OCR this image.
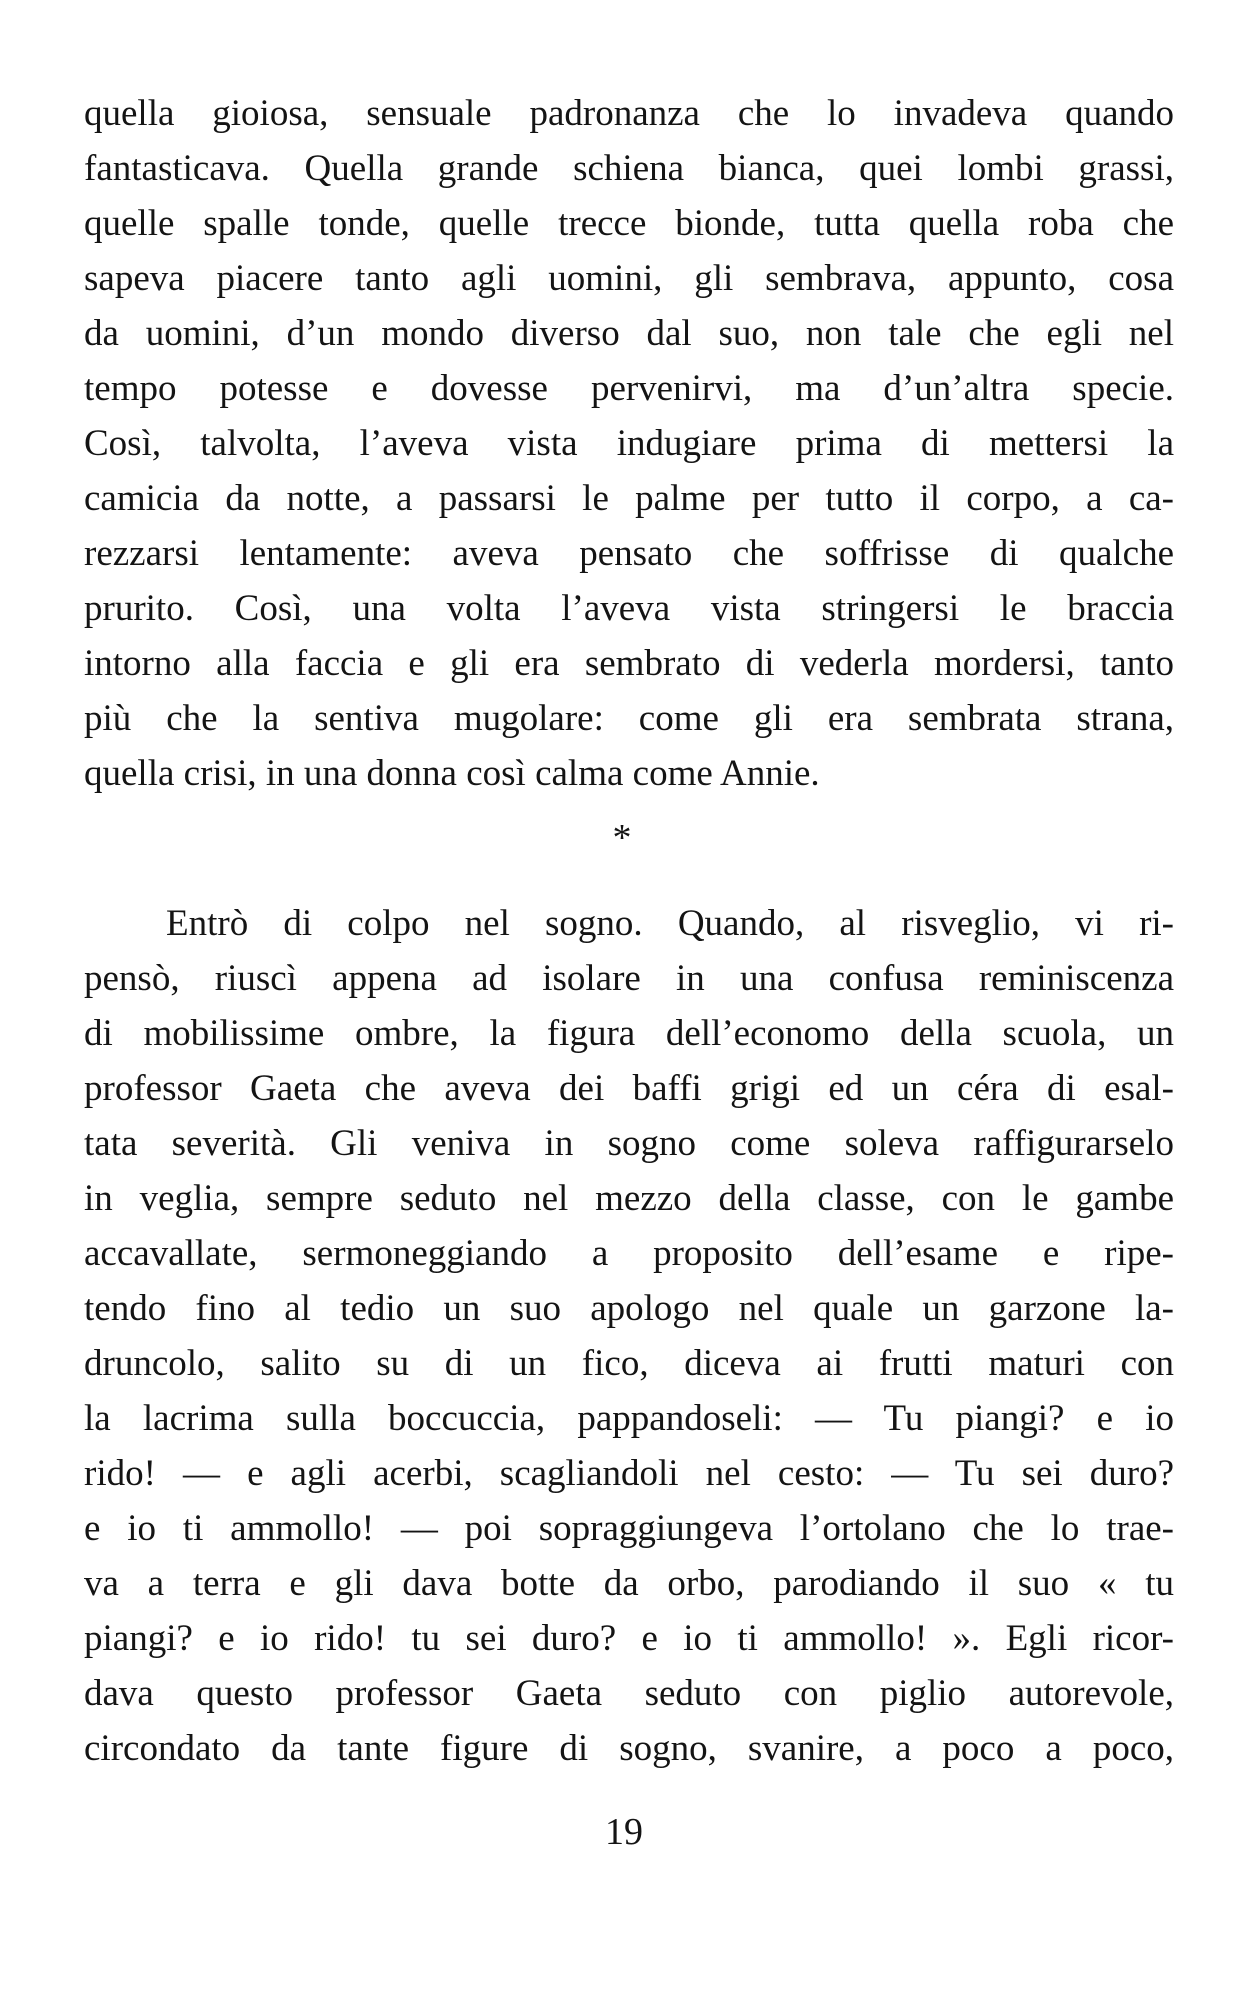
quella gioiosa, sensuale padronanza che lo invadeva quando
fantasticava. Quella grande schiena bianca, quei lombi grassi,
quelle spalle tonde, quelle trecce bionde, tutta quella roba che
sapeva piacere tanto agli uomini, gli sembrava, appunto, cosa
da uomini, d’un mondo diverso dal suo, non tale che egli nel
tempo potesse e dovesse pervenirvi, ma d’un’altra specie.
Così, talvolta, l’aveva vista indugiare prima di mettersi la
camicia da notte, a passarsi le palme per tutto il corpo, a ca-
rezzarsi lentamente: aveva pensato che soffrisse di qualche
prurito. Così, una volta l’aveva vista stringersi le braccia
intorno alla faccia e gli era sembrato di vederla mordersi, tanto
più che la sentiva mugolare: come gli era sembrata strana,
quella crisi, in una donna così calma come Annie.
*
Entrò di colpo nel sogno. Quando, al risveglio, vi ri-
pensò, riuscì appena ad isolare in una confusa reminiscenza
di mobilissime ombre, la figura dell’economo della scuola, un
professor Gaeta che aveva dei baffi grigi ed un céra di esal-
tata severità. Gli veniva in sogno come soleva raffigurarselo
in veglia, sempre seduto nel mezzo della classe, con le gambe
accavallate, sermoneggiando a proposito dell’esame e ripe-
tendo fino al tedio un suo apologo nel quale un garzone la-
druncolo, salito su di un fico, diceva ai frutti maturi con
la lacrima sulla boccuccia, pappandoseli: — Tu piangi? e io
rido! — e agli acerbi, scagliandoli nel cesto: — Tu sei duro?
e io ti ammollo! — poi sopraggiungeva l’ortolano che lo trae-
va a terra e gli dava botte da orbo, parodiando il suo « tu
piangi? e io rido! tu sei duro? e io ti ammollo! ». Egli ricor-
dava questo professor Gaeta seduto con piglio autorevole,
circondato da tante figure di sogno, svanire, a poco a poco,
19
